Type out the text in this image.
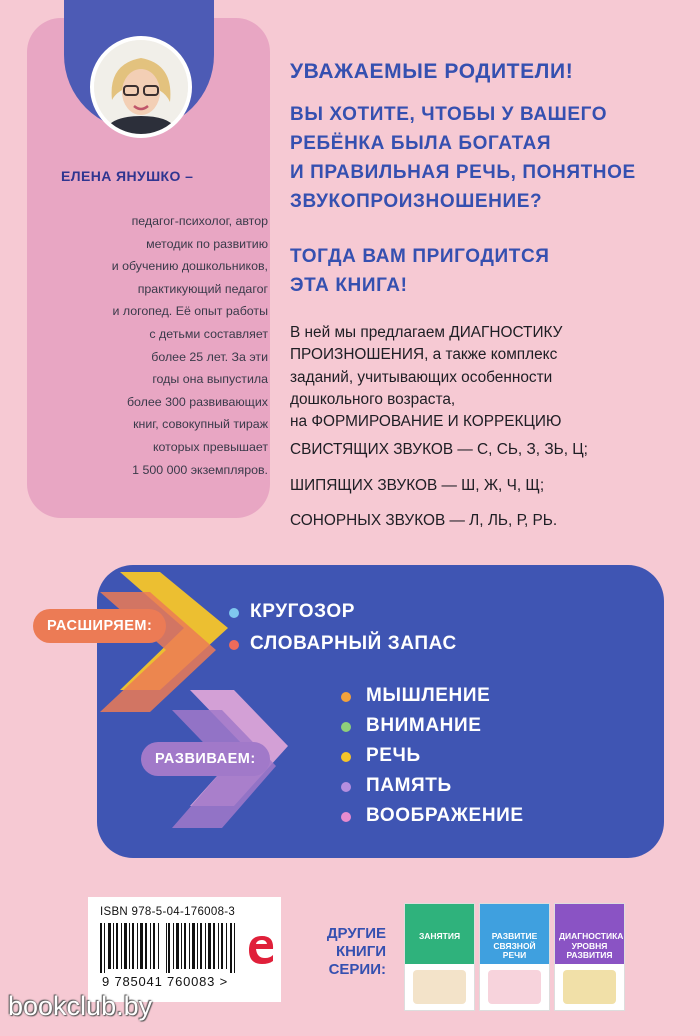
ЕЛЕНА ЯНУШКО –
педагог-психолог, автор
методик по развитию
и обучению дошкольников,
практикующий педагог
и логопед. Её опыт работы
с детьми составляет
более 25 лет. За эти
годы она выпустила
более 300 развивающих
книг, совокупный тираж
которых превышает
1 500 000 экземпляров.
УВАЖАЕМЫЕ РОДИТЕЛИ!
ВЫ ХОТИТЕ, ЧТОБЫ У ВАШЕГО
РЕБЁНКА БЫЛА БОГАТАЯ
И ПРАВИЛЬНАЯ РЕЧЬ, ПОНЯТНОЕ
ЗВУКОПРОИЗНОШЕНИЕ?
ТОГДА ВАМ ПРИГОДИТСЯ
ЭТА КНИГА!
В ней мы предлагаем ДИАГНОСТИКУ
ПРОИЗНОШЕНИЯ, а также комплекс
заданий, учитывающих особенности
дошкольного возраста,
на ФОРМИРОВАНИЕ И КОРРЕКЦИЮ
СВИСТЯЩИХ ЗВУКОВ — С, СЬ, З, ЗЬ, Ц;
ШИПЯЩИХ ЗВУКОВ — Ш, Ж, Ч, Щ;
СОНОРНЫХ ЗВУКОВ — Л, ЛЬ, Р, РЬ.
РАСШИРЯЕМ:
РАЗВИВАЕМ:
КРУГОЗОР
СЛОВАРНЫЙ ЗАПАС
МЫШЛЕНИЕ
ВНИМАНИЕ
РЕЧЬ
ПАМЯТЬ
ВООБРАЖЕНИЕ
ISBN 978-5-04-176008-3
9 785041 760083 >
ДРУГИЕ
КНИГИ
СЕРИИ:
ЗАНЯТИЯ	РАЗВИТИЕ СВЯЗНОЙ РЕЧИ
ДИАГНОСТИКА УРОВНЯ РАЗВИТИЯ
bookclub.by
